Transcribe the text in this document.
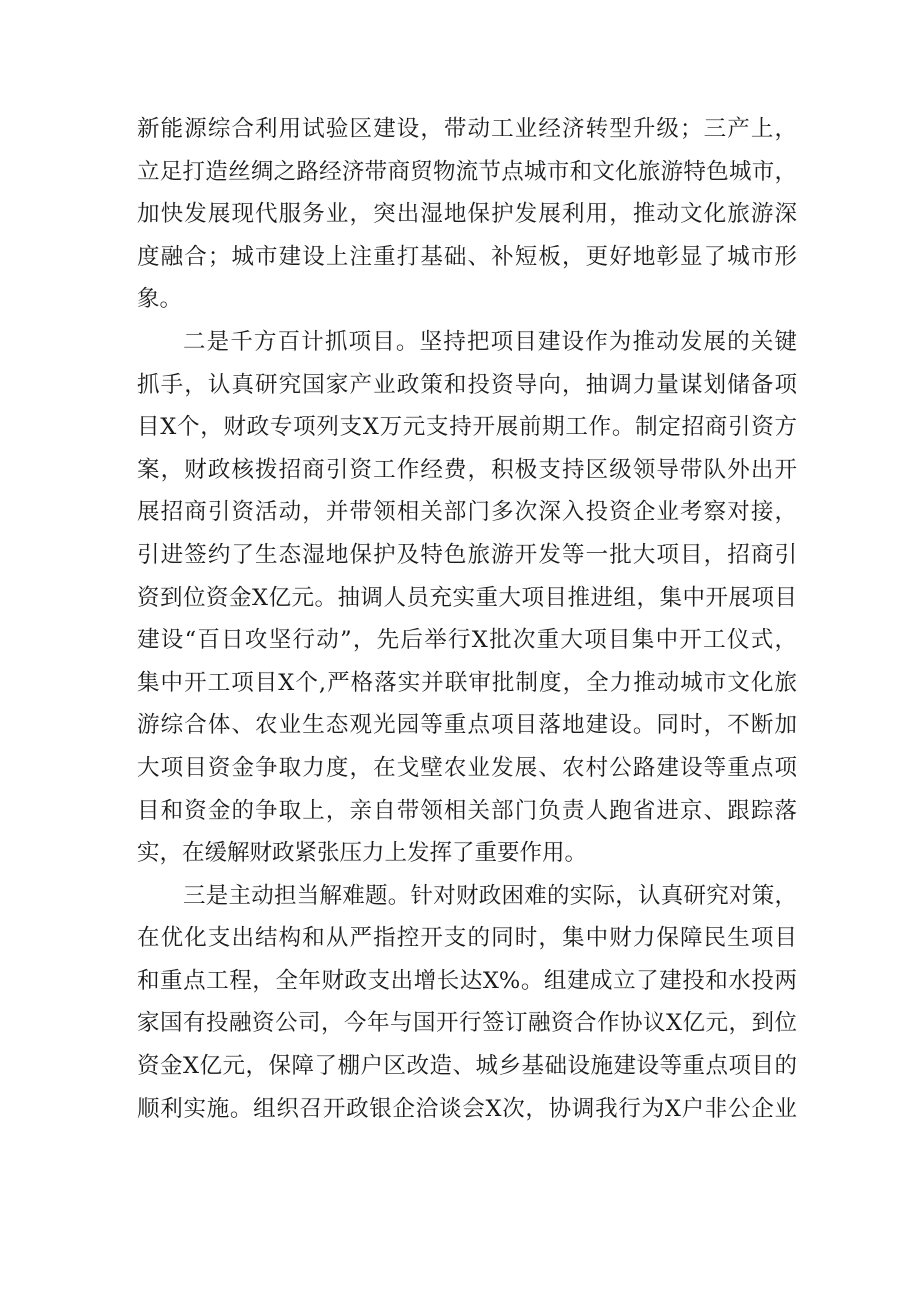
新能源综合利用试验区建设，带动工业经济转型升级；三产上，
立足打造丝绸之路经济带商贸物流节点城市和文化旅游特色城市，
加快发展现代服务业，突出湿地保护发展利用，推动文化旅游深
度融合；城市建设上注重打基础、补短板，更好地彰显了城市形
象。
二是千方百计抓项目。坚持把项目建设作为推动发展的关键
抓手，认真研究国家产业政策和投资导向，抽调力量谋划储备项
目X个，财政专项列支X万元支持开展前期工作。制定招商引资方
案，财政核拨招商引资工作经费，积极支持区级领导带队外出开
展招商引资活动，并带领相关部门多次深入投资企业考察对接，
引进签约了生态湿地保护及特色旅游开发等一批大项目，招商引
资到位资金X亿元。抽调人员充实重大项目推进组，集中开展项目
建设“百日攻坚行动”，先后举行X批次重大项目集中开工仪式，
集中开工项目X个,严格落实并联审批制度，全力推动城市文化旅
游综合体、农业生态观光园等重点项目落地建设。同时，不断加
大项目资金争取力度，在戈壁农业发展、农村公路建设等重点项
目和资金的争取上，亲自带领相关部门负责人跑省进京、跟踪落
实，在缓解财政紧张压力上发挥了重要作用。
三是主动担当解难题。针对财政困难的实际，认真研究对策，
在优化支出结构和从严指控开支的同时，集中财力保障民生项目
和重点工程，全年财政支出增长达X%。组建成立了建投和水投两
家国有投融资公司，今年与国开行签订融资合作协议X亿元，到位
资金X亿元，保障了棚户区改造、城乡基础设施建设等重点项目的
顺利实施。组织召开政银企洽谈会X次，协调我行为X户非公企业
